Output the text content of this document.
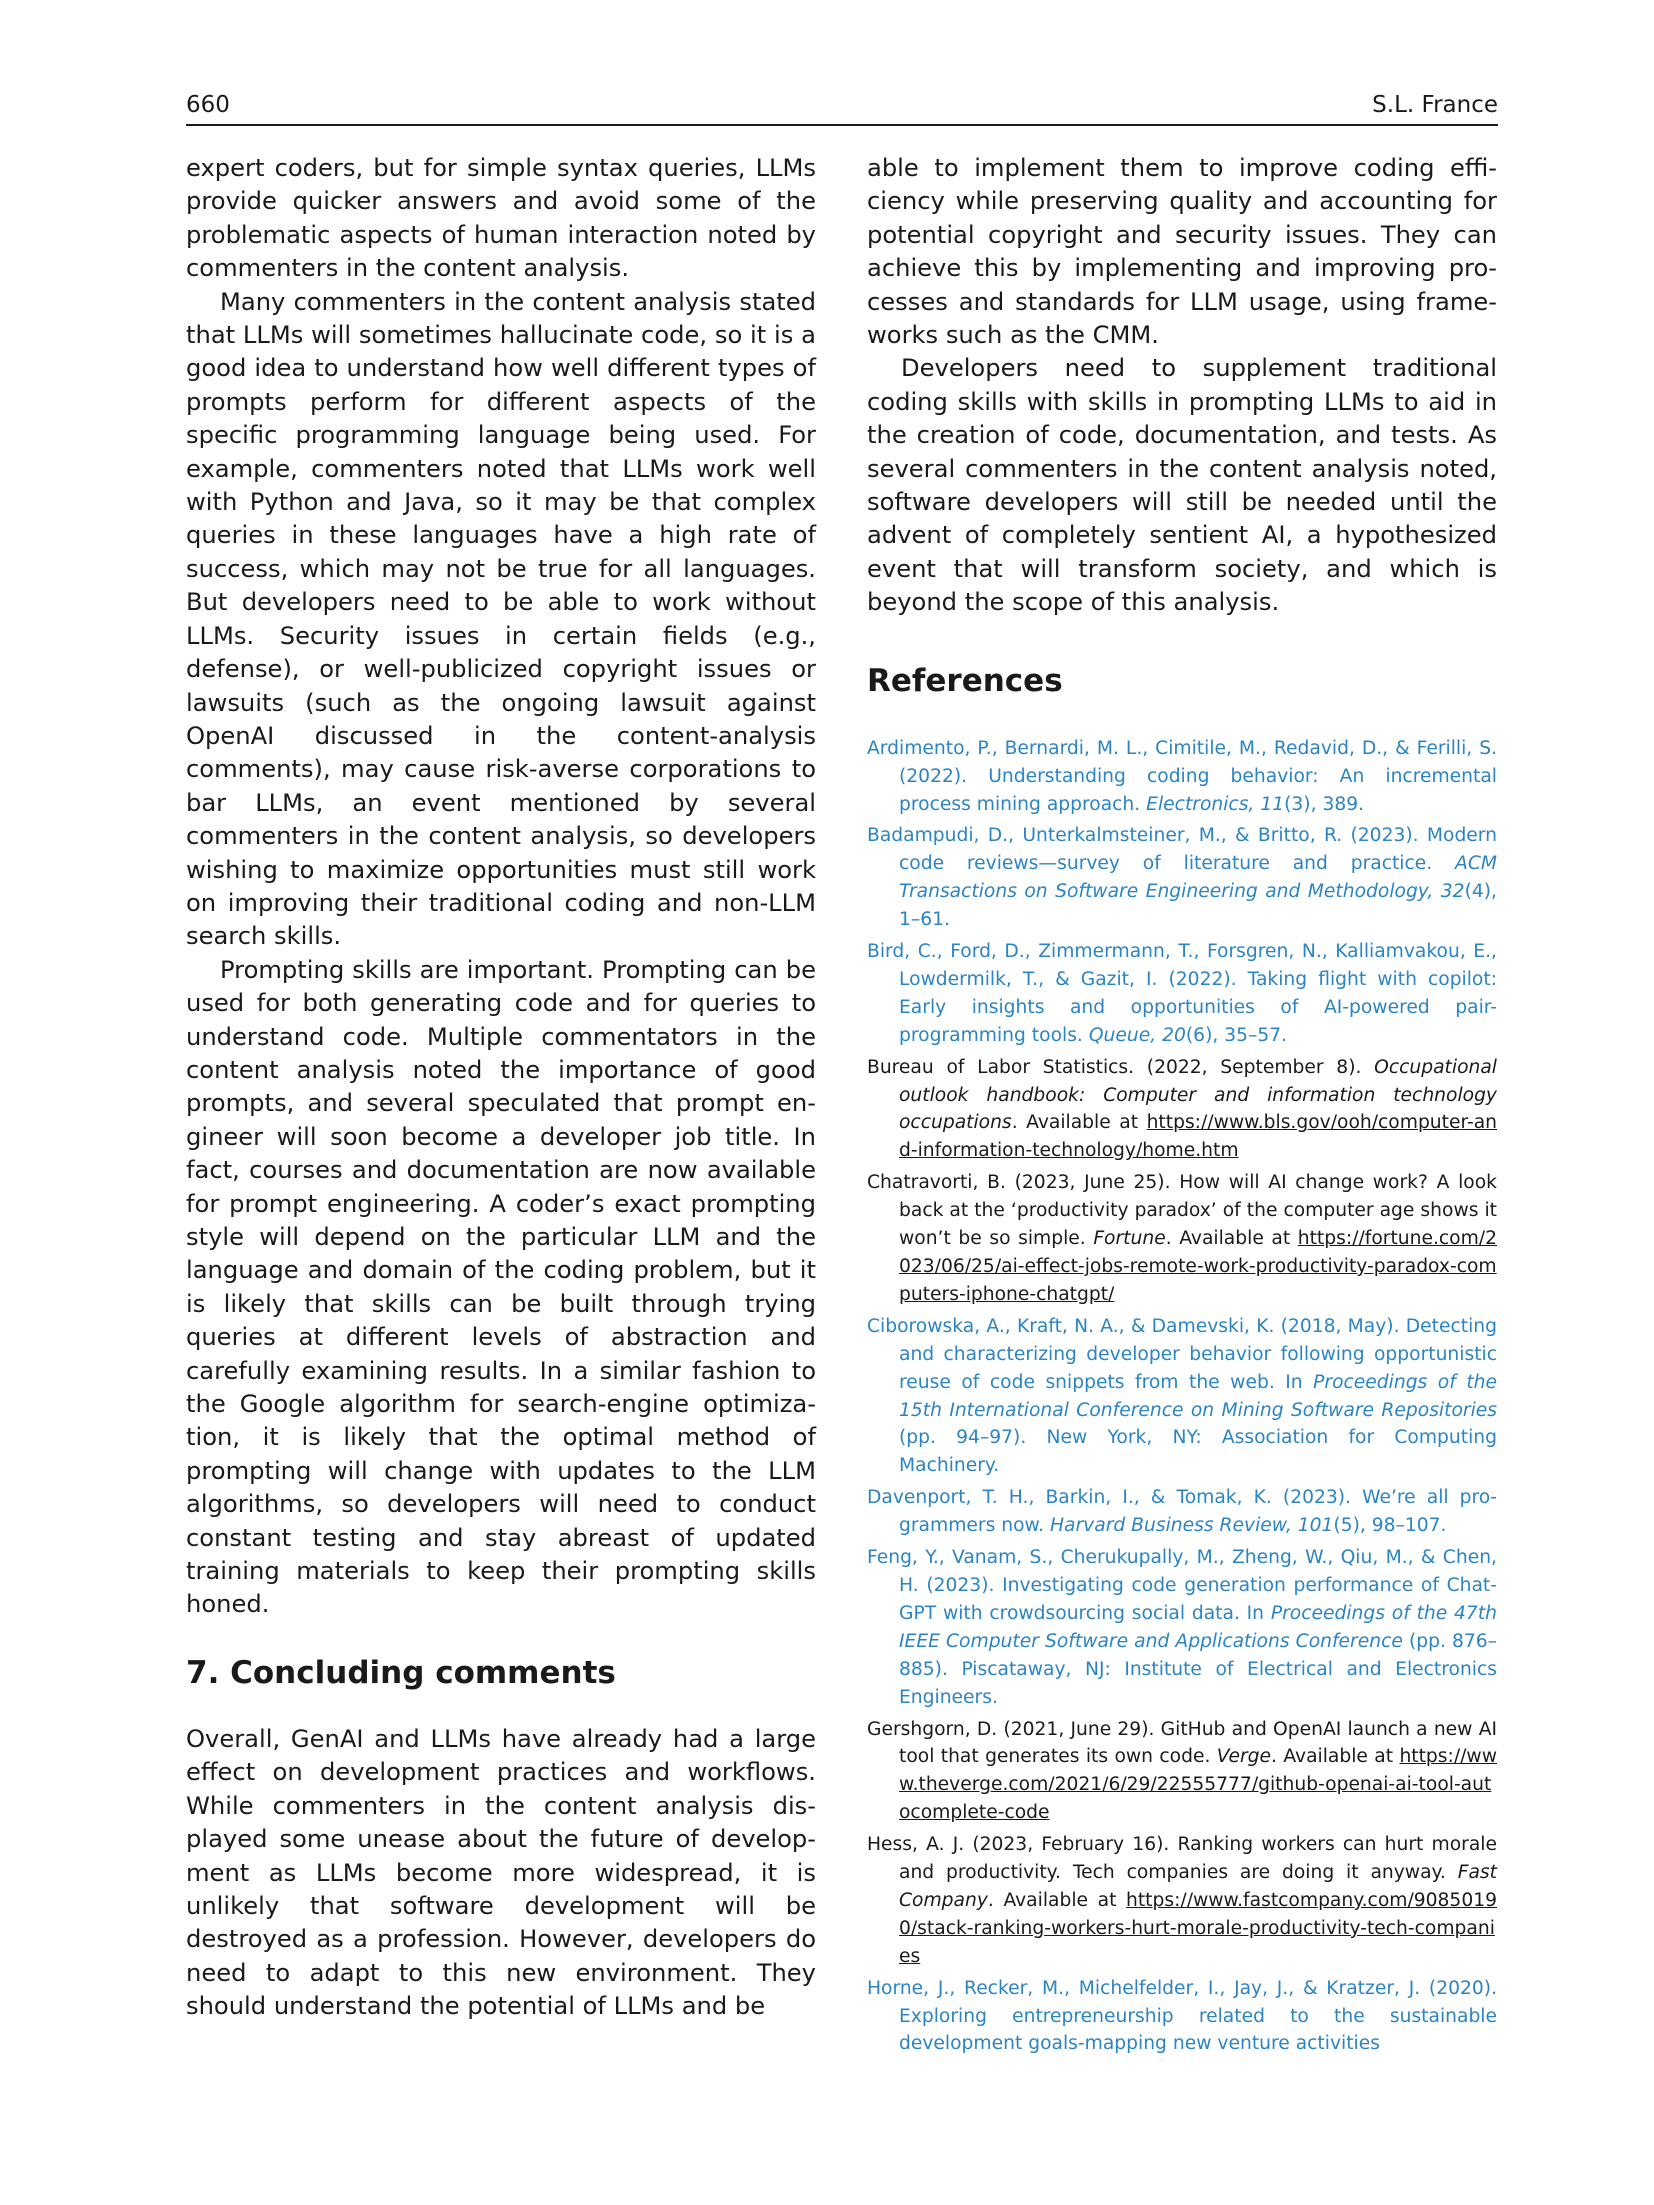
660	S.L. France

expert coders, but for simple syntax queries, LLMs provide quicker answers and avoid some of the problematic aspects of human interaction noted by commenters in the content analysis.

Many commenters in the content analysis stated that LLMs will sometimes hallucinate code, so it is a good idea to understand how well different types of prompts perform for different aspects of the specific programming language being used. For example, commenters noted that LLMs work well with Python and Java, so it may be that complex queries in these languages have a high rate of success, which may not be true for all languages. But developers need to be able to work without LLMs. Security issues in certain fields (e.g., defense), or well-publicized copyright issues or lawsuits (such as the ongoing lawsuit against OpenAI discussed in the content-analysis comments), may cause risk-averse corporations to bar LLMs, an event mentioned by several commenters in the content analysis, so developers wishing to maximize opportunities must still work on improving their traditional coding and non-LLM search skills.

Prompting skills are important. Prompting can be used for both generating code and for queries to understand code. Multiple commentators in the content analysis noted the importance of good prompts, and several speculated that prompt engineer will soon become a developer job title. In fact, courses and documentation are now available for prompt engineering. A coder’s exact prompting style will depend on the particular LLM and the language and domain of the coding problem, but it is likely that skills can be built through trying queries at different levels of abstraction and carefully examining results. In a similar fashion to the Google algorithm for search-engine optimization, it is likely that the optimal method of prompting will change with updates to the LLM algorithms, so developers will need to conduct constant testing and stay abreast of updated training materials to keep their prompting skills honed.

7. Concluding comments

Overall, GenAI and LLMs have already had a large effect on development practices and workflows. While commenters in the content analysis displayed some unease about the future of development as LLMs become more widespread, it is unlikely that software development will be destroyed as a profession. However, developers do need to adapt to this new environment. They should understand the potential of LLMs and be

able to implement them to improve coding efficiency while preserving quality and accounting for potential copyright and security issues. They can achieve this by implementing and improving processes and standards for LLM usage, using frameworks such as the CMM.

Developers need to supplement traditional coding skills with skills in prompting LLMs to aid in the creation of code, documentation, and tests. As several commenters in the content analysis noted, software developers will still be needed until the advent of completely sentient AI, a hypothesized event that will transform society, and which is beyond the scope of this analysis.

References
Ardimento, P., Bernardi, M. L., Cimitile, M., Redavid, D., & Ferilli, S. (2022). Understanding coding behavior: An incremental process mining approach. Electronics, 11(3), 389.
Badampudi, D., Unterkalmsteiner, M., & Britto, R. (2023). Modern code reviews—survey of literature and practice. ACM Transactions on Software Engineering and Methodology, 32(4), 1–61.
Bird, C., Ford, D., Zimmermann, T., Forsgren, N., Kalliamvakou, E., Lowdermilk, T., & Gazit, I. (2022). Taking flight with copilot: Early insights and opportunities of AI-powered pair-programming tools. Queue, 20(6), 35–57.
Bureau of Labor Statistics. (2022, September 8). Occupational outlook handbook: Computer and information technology occupations. Available at https://www.bls.gov/ooh/computer-and-information-technology/home.htm
Chatravorti, B. (2023, June 25). How will AI change work? A look back at the ‘productivity paradox’ of the computer age shows it won’t be so simple. Fortune. Available at https://fortune.com/2023/06/25/ai-effect-jobs-remote-work-productivity-paradox-computers-iphone-chatgpt/
Ciborowska, A., Kraft, N. A., & Damevski, K. (2018, May). Detecting and characterizing developer behavior following opportunistic reuse of code snippets from the web. In Proceedings of the 15th International Conference on Mining Software Repositories (pp. 94–97). New York, NY: Association for Computing Machinery.
Davenport, T. H., Barkin, I., & Tomak, K. (2023). We’re all programmers now. Harvard Business Review, 101(5), 98–107.
Feng, Y., Vanam, S., Cherukupally, M., Zheng, W., Qiu, M., & Chen, H. (2023). Investigating code generation performance of Chat-GPT with crowdsourcing social data. In Proceedings of the 47th IEEE Computer Software and Applications Conference (pp. 876–885). Piscataway, NJ: Institute of Electrical and Electronics Engineers.
Gershgorn, D. (2021, June 29). GitHub and OpenAI launch a new AI tool that generates its own code. Verge. Available at https://www.theverge.com/2021/6/29/22555777/github-openai-ai-tool-autocomplete-code
Hess, A. J. (2023, February 16). Ranking workers can hurt morale and productivity. Tech companies are doing it anyway. Fast Company. Available at https://www.fastcompany.com/90850190/stack-ranking-workers-hurt-morale-productivity-tech-companies
Horne, J., Recker, M., Michelfelder, I., Jay, J., & Kratzer, J. (2020). Exploring entrepreneurship related to the sustainable development goals-mapping new venture activities
